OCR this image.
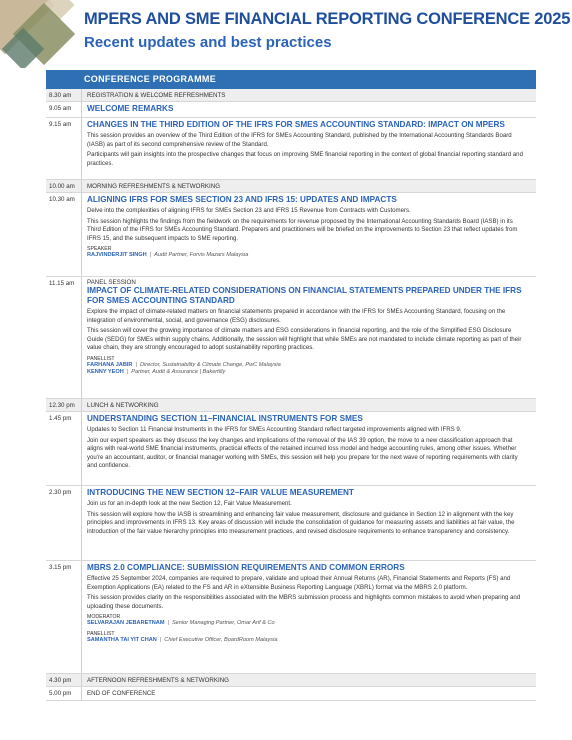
MPERS AND SME FINANCIAL REPORTING CONFERENCE 2025
Recent updates and best practices
CONFERENCE PROGRAMME
8.30 am	REGISTRATION & WELCOME REFRESHMENTS
9.05 am	WELCOME REMARKS
9.15 am	CHANGES IN THE THIRD EDITION OF THE IFRS FOR SMES ACCOUNTING STANDARD: IMPACT ON MPERS
This session provides an overview of the Third Edition of the IFRS for SMEs Accounting Standard, published by the International Accounting Standards Board (IASB) as part of its second comprehensive review of the Standard.
Participants will gain insights into the prospective changes that focus on improving SME financial reporting in the context of global financial reporting standard and practices.
10.00 am	MORNING REFRESHMENTS & NETWORKING
10.30 am	ALIGNING IFRS FOR SMES SECTION 23 AND IFRS 15: UPDATES AND IMPACTS
Delve into the complexities of aligning IFRS for SMEs Section 23 and IFRS 15 Revenue from Contracts with Customers.
This session highlights the findings from the fieldwork on the requirements for revenue proposed by the International Accounting Standards Board (IASB) in its Third Edition of the IFRS for SMEs Accounting Standard. Preparers and practitioners will be briefed on the improvements to Section 23 that reflect updates from IFRS 15, and the subsequent impacts to SME reporting.
SPEAKER
RAJVINDERJIT SINGH | Audit Partner, Forvis Mazars Malaysia
11.15 am	PANEL SESSION
IMPACT OF CLIMATE-RELATED CONSIDERATIONS ON FINANCIAL STATEMENTS PREPARED UNDER THE IFRS FOR SMES ACCOUNTING STANDARD
Explore the impact of climate-related matters on financial statements prepared in accordance with the IFRS for SMEs Accounting Standard, focusing on the integration of environmental, social, and governance (ESG) disclosures.
This session will cover the growing importance of climate matters and ESG considerations in financial reporting, and the role of the Simplified ESG Disclosure Guide (SEDG) for SMEs within supply chains. Additionally, the session will highlight that while SMEs are not mandated to include climate reporting as part of their value chain, they are strongly encouraged to adopt sustainability reporting practices.
PANELLIST
FARHANA JABIR | Director, Sustainability & Climate Change, PwC Malaysia
KENNY YEOH | Partner, Audit & Assurance | Bakertilly
12.30 pm	LUNCH & NETWORKING
1.45 pm	UNDERSTANDING SECTION 11–FINANCIAL INSTRUMENTS FOR SMES
Updates to Section 11 Financial Instruments in the IFRS for SMEs Accounting Standard reflect targeted improvements aligned with IFRS 9.
Join our expert speakers as they discuss the key changes and implications of the removal of the IAS 39 option, the move to a new classification approach that aligns with real-world SME financial instruments, practical effects of the retained incurred loss model and hedge accounting rules, among other issues. Whether you're an accountant, auditor, or financial manager working with SMEs, this session will help you prepare for the next wave of reporting requirements with clarity and confidence.
2.30 pm	INTRODUCING THE NEW SECTION 12–FAIR VALUE MEASUREMENT
Join us for an in-depth look at the new Section 12, Fair Value Measurement.
This session will explore how the IASB is streamlining and enhancing fair value measurement, disclosure and guidance in Section 12 in alignment with the key principles and improvements in IFRS 13. Key areas of discussion will include the consolidation of guidance for measuring assets and liabilities at fair value, the introduction of the fair value hierarchy principles into measurement practices, and revised disclosure requirements to enhance transparency and consistency.
3.15 pm	MBRS 2.0 COMPLIANCE: SUBMISSION REQUIREMENTS AND COMMON ERRORS
Effective 25 September 2024, companies are required to prepare, validate and upload their Annual Returns (AR), Financial Statements and Reports (FS) and Exemption Applications (EA) related to the FS and AR in eXtensible Business Reporting Language (XBRL) format via the MBRS 2.0 platform.
This session provides clarity on the responsibilities associated with the MBRS submission process and highlights common mistakes to avoid when preparing and uploading these documents.
MODERATOR
SELVARAJAN JEBARETNAM | Senior Managing Partner, Omar Arif & Co
PANELLIST
SAMANTHA TAI YIT CHAN | Chief Executive Officer, BoardRoom Malaysia
4.30 pm	AFTERNOON REFRESHMENTS & NETWORKING
5.00 pm	END OF CONFERENCE
